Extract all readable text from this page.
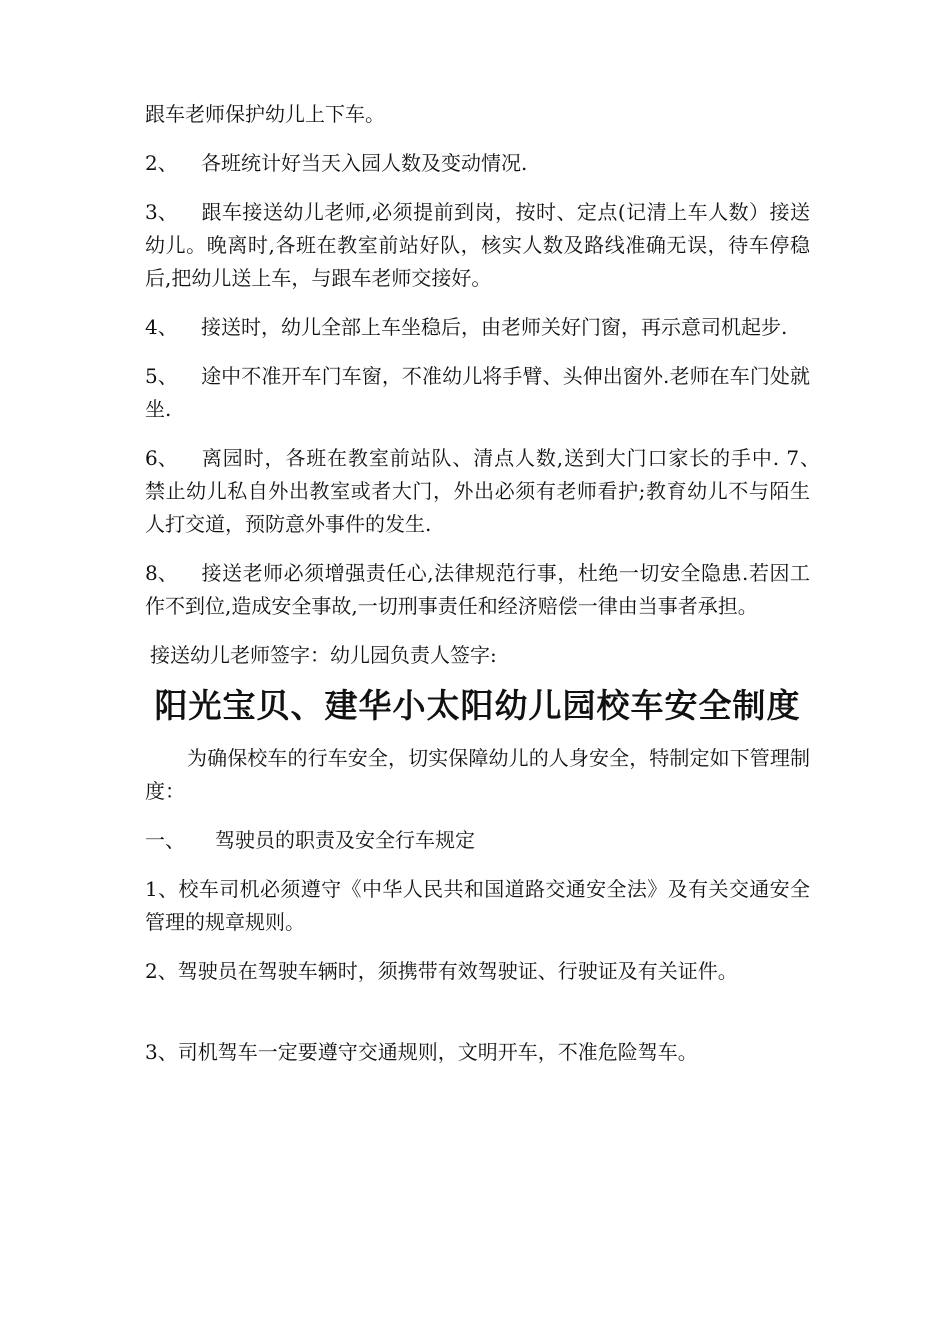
跟车老师保护幼儿上下车。

2、 各班统计好当天入园人数及变动情况.

3、 跟车接送幼儿老师,必须提前到岗，按时、定点(记清上车人数）接送幼儿。晚离时,各班在教室前站好队，核实人数及路线准确无误，待车停稳后,把幼儿送上车，与跟车老师交接好。

4、 接送时，幼儿全部上车坐稳后，由老师关好门窗，再示意司机起步.

5、 途中不准开车门车窗，不准幼儿将手臂、头伸出窗外.老师在车门处就坐.

6、 离园时，各班在教室前站队、清点人数,送到大门口家长的手中. 7、　禁止幼儿私自外出教室或者大门，外出必须有老师看护;教育幼儿不与陌生人打交道，预防意外事件的发生.

8、 接送老师必须增强责任心,法律规范行事，杜绝一切安全隐患.若因工作不到位,造成安全事故,一切刑事责任和经济赔偿一律由当事者承担。

接送幼儿老师签字：幼儿园负责人签字:

阳光宝贝、建华小太阳幼儿园校车安全制度

为确保校车的行车安全，切实保障幼儿的人身安全，特制定如下管理制度：

一、 驾驶员的职责及安全行车规定

1、校车司机必须遵守《中华人民共和国道路交通安全法》及有关交通安全管理的规章规则。

2、驾驶员在驾驶车辆时，须携带有效驾驶证、行驶证及有关证件。

3、司机驾车一定要遵守交通规则，文明开车，不准危险驾车。
